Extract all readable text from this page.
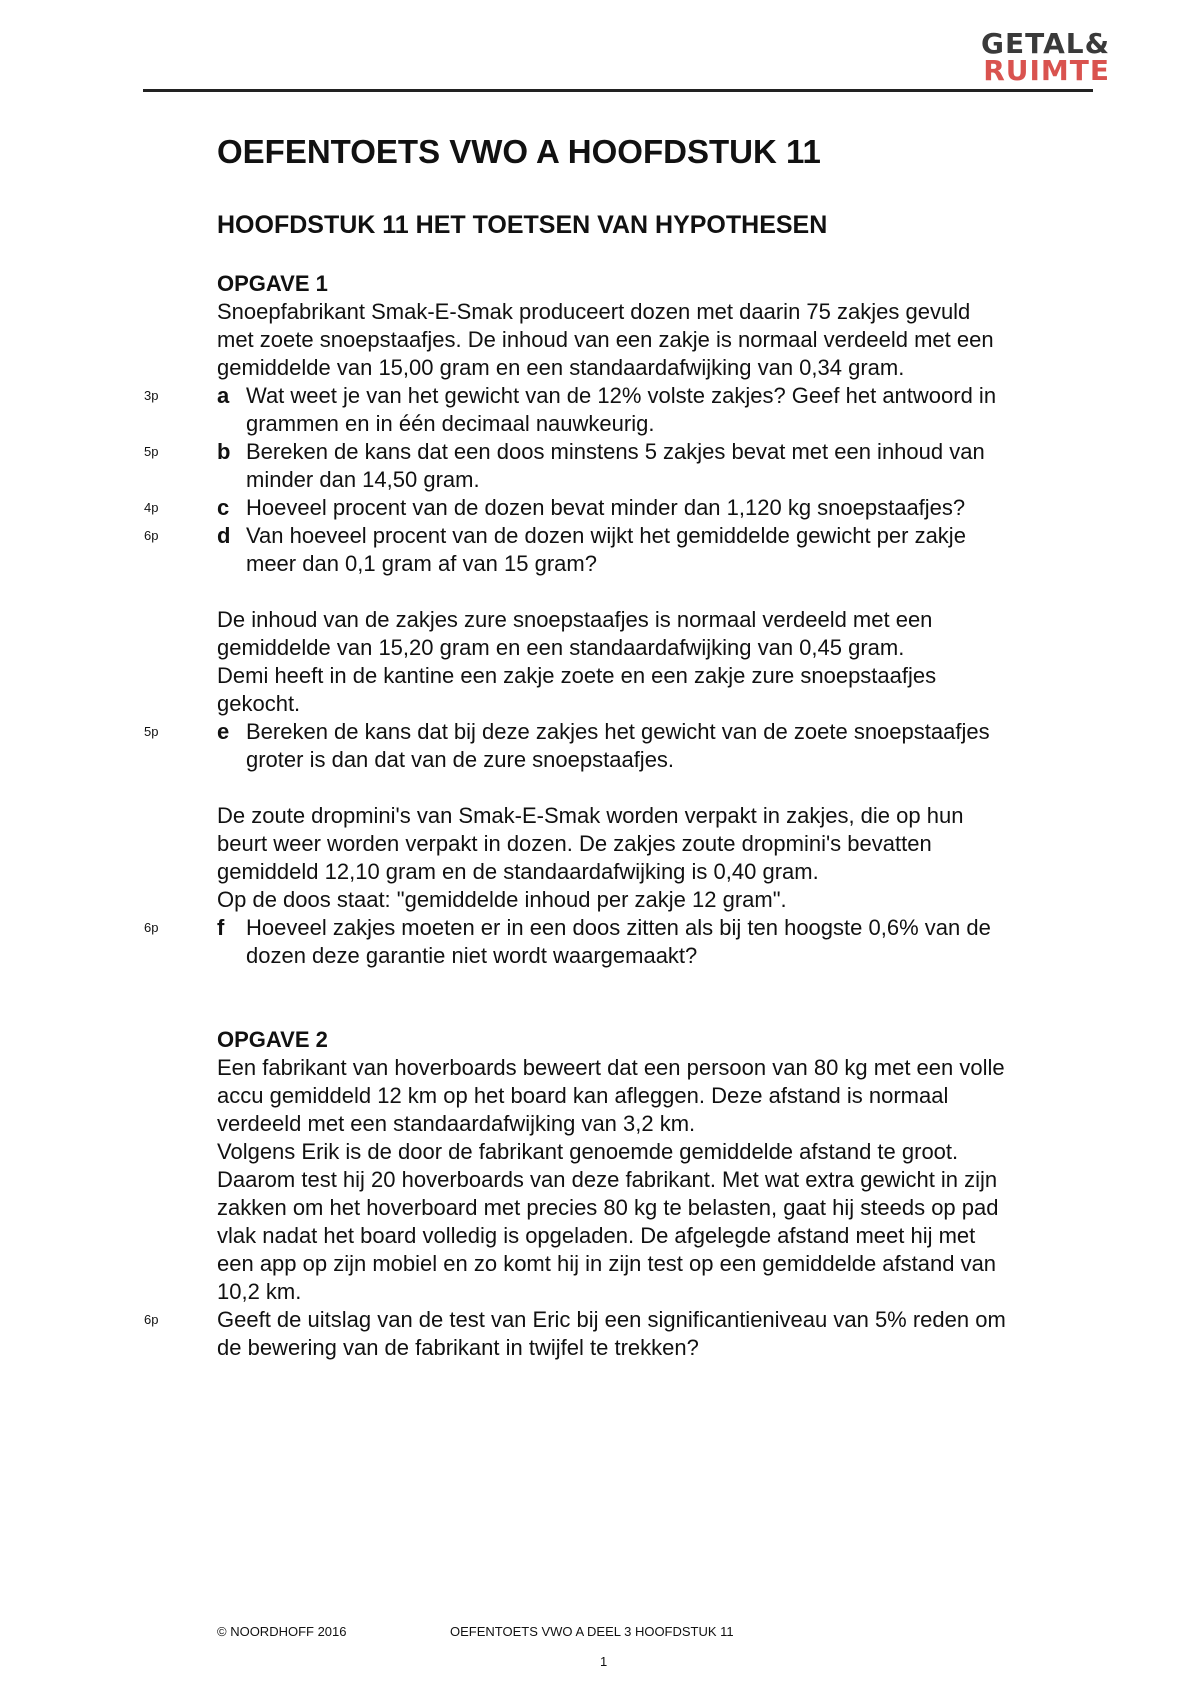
GETAL&
RUIMTE
OEFENTOETS VWO A HOOFDSTUK 11
HOOFDSTUK 11 HET TOETSEN VAN HYPOTHESEN
OPGAVE 1

Snoepfabrikant Smak-E-Smak produceert dozen met daarin 75 zakjes gevuld

met zoete snoepstaafjes. De inhoud van een zakje is normaal verdeeld met een

gemiddelde van 15,00 gram en een standaardafwijking van 0,34 gram.

3p	a Wat weet je van het gewicht van de 12% volste zakjes? Geef het antwoord in
grammen en in één decimaal nauwkeurig.
5p	b Bereken de kans dat een doos minstens 5 zakjes bevat met een inhoud van
minder dan 14,50 gram.
4p	c Hoeveel procent van de dozen bevat minder dan 1,120 kg snoepstaafjes?
6p	d Van hoeveel procent van de dozen wijkt het gemiddelde gewicht per zakje
meer dan 0,1 gram af van 15 gram?

De inhoud van de zakjes zure snoepstaafjes is normaal verdeeld met een

gemiddelde van 15,20 gram en een standaardafwijking van 0,45 gram.

Demi heeft in de kantine een zakje zoete en een zakje zure snoepstaafjes

gekocht.

5p	e Bereken de kans dat bij deze zakjes het gewicht van de zoete snoepstaafjes
groter is dan dat van de zure snoepstaafjes.

De zoute dropmini's van Smak-E-Smak worden verpakt in zakjes, die op hun

beurt weer worden verpakt in dozen. De zakjes zoute dropmini's bevatten

gemiddeld 12,10 gram en de standaardafwijking is 0,40 gram.

Op de doos staat: "gemiddelde inhoud per zakje 12 gram".

6p	f Hoeveel zakjes moeten er in een doos zitten als bij ten hoogste 0,6% van de
dozen deze garantie niet wordt waargemaakt?
OPGAVE 2

Een fabrikant van hoverboards beweert dat een persoon van 80 kg met een volle

accu gemiddeld 12 km op het board kan afleggen. Deze afstand is normaal

verdeeld met een standaardafwijking van 3,2 km.

Volgens Erik is de door de fabrikant genoemde gemiddelde afstand te groot.

Daarom test hij 20 hoverboards van deze fabrikant. Met wat extra gewicht in zijn

zakken om het hoverboard met precies 80 kg te belasten, gaat hij steeds op pad

vlak nadat het board volledig is opgeladen. De afgelegde afstand meet hij met

een app op zijn mobiel en zo komt hij in zijn test op een gemiddelde afstand van

10,2 km.

6p	Geeft de uitslag van de test van Eric bij een significantieniveau van 5% reden om

de bewering van de fabrikant in twijfel te trekken?

© NOORDHOFF 2016	OEFENTOETS VWO A DEEL 3 HOOFDSTUK 11
1
